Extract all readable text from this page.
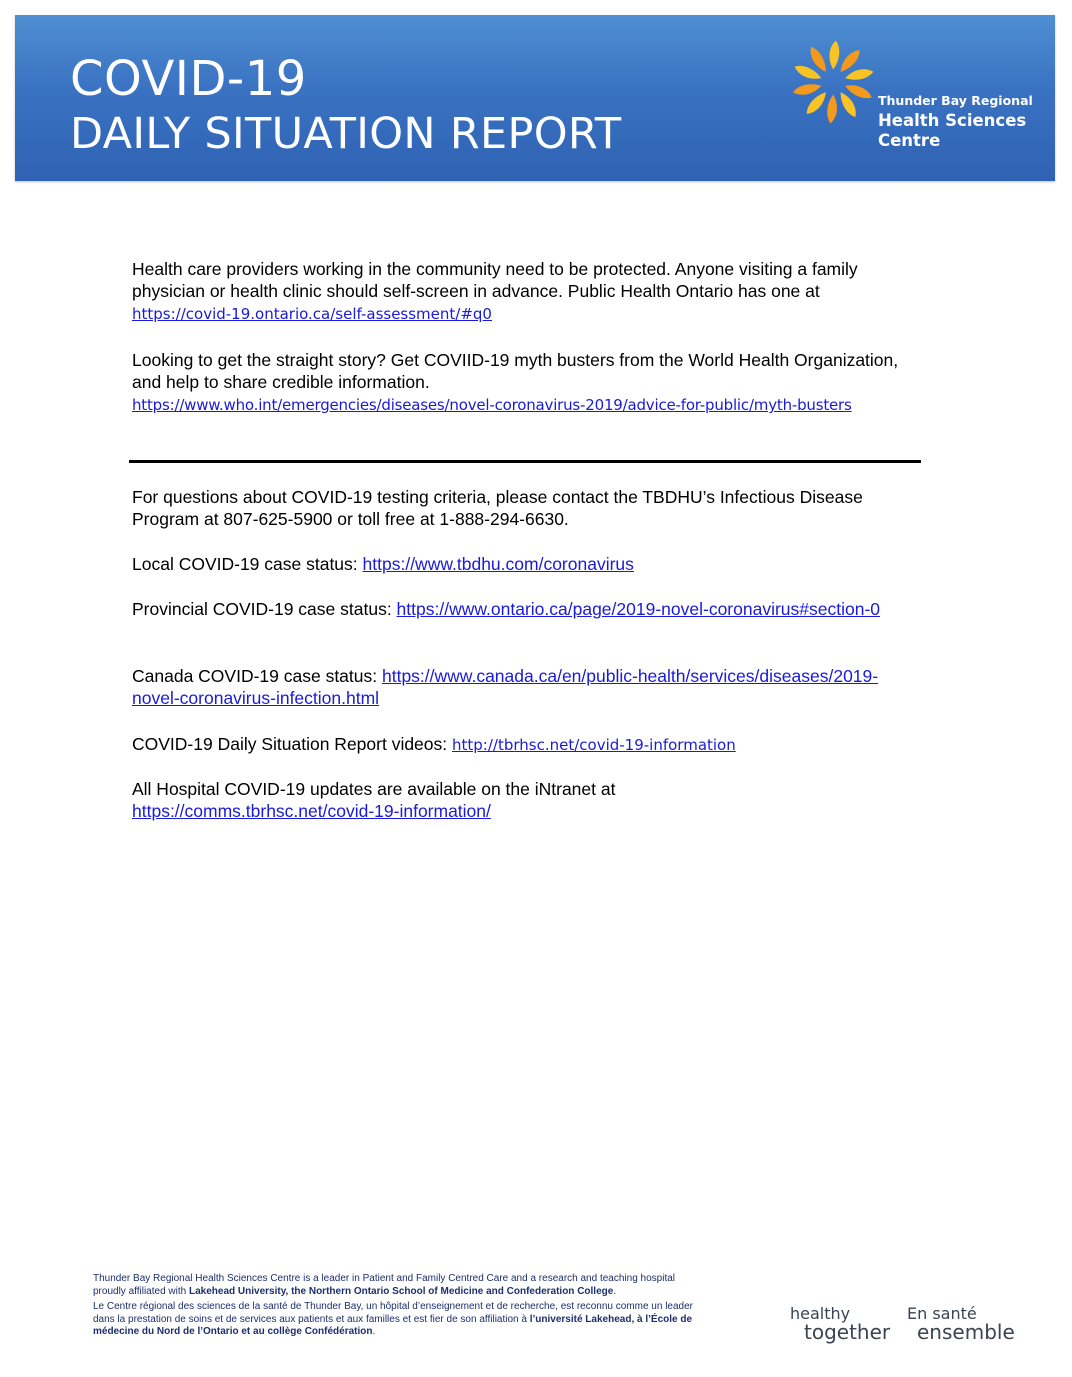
COVID-19
DAILY SITUATION REPORT
Thunder Bay Regional
Health Sciences
Centre

Health care providers working in the community need to be protected. Anyone visiting a family physician or health clinic should self-screen in advance. Public Health Ontario has one at https://covid-19.ontario.ca/self-assessment/#q0

Looking to get the straight story? Get COVIID-19 myth busters from the World Health Organization, and help to share credible information.
https://www.who.int/emergencies/diseases/novel-coronavirus-2019/advice-for-public/myth-busters

For questions about COVID-19 testing criteria, please contact the TBDHU’s Infectious Disease Program at 807-625-5900 or toll free at 1-888-294-6630.

Local COVID-19 case status: https://www.tbdhu.com/coronavirus

Provincial COVID-19 case status: https://www.ontario.ca/page/2019-novel-coronavirus#section-0

Canada COVID-19 case status: https://www.canada.ca/en/public-health/services/diseases/2019-novel-coronavirus-infection.html

COVID-19 Daily Situation Report videos: http://tbrhsc.net/covid-19-information

All Hospital COVID-19 updates are available on the iNtranet at
https://comms.tbrhsc.net/covid-19-information/

Thunder Bay Regional Health Sciences Centre is a leader in Patient and Family Centred Care and a research and teaching hospital proudly affiliated with Lakehead University, the Northern Ontario School of Medicine and Confederation College.

Le Centre régional des sciences de la santé de Thunder Bay, un hôpital d’enseignement et de recherche, est reconnu comme un leader dans la prestation de soins et de services aux patients et aux familles et est fier de son affiliation à l’université Lakehead, à l’École de médecine du Nord de l’Ontario et au collège Confédération.

healthy
together
En santé
ensemble
